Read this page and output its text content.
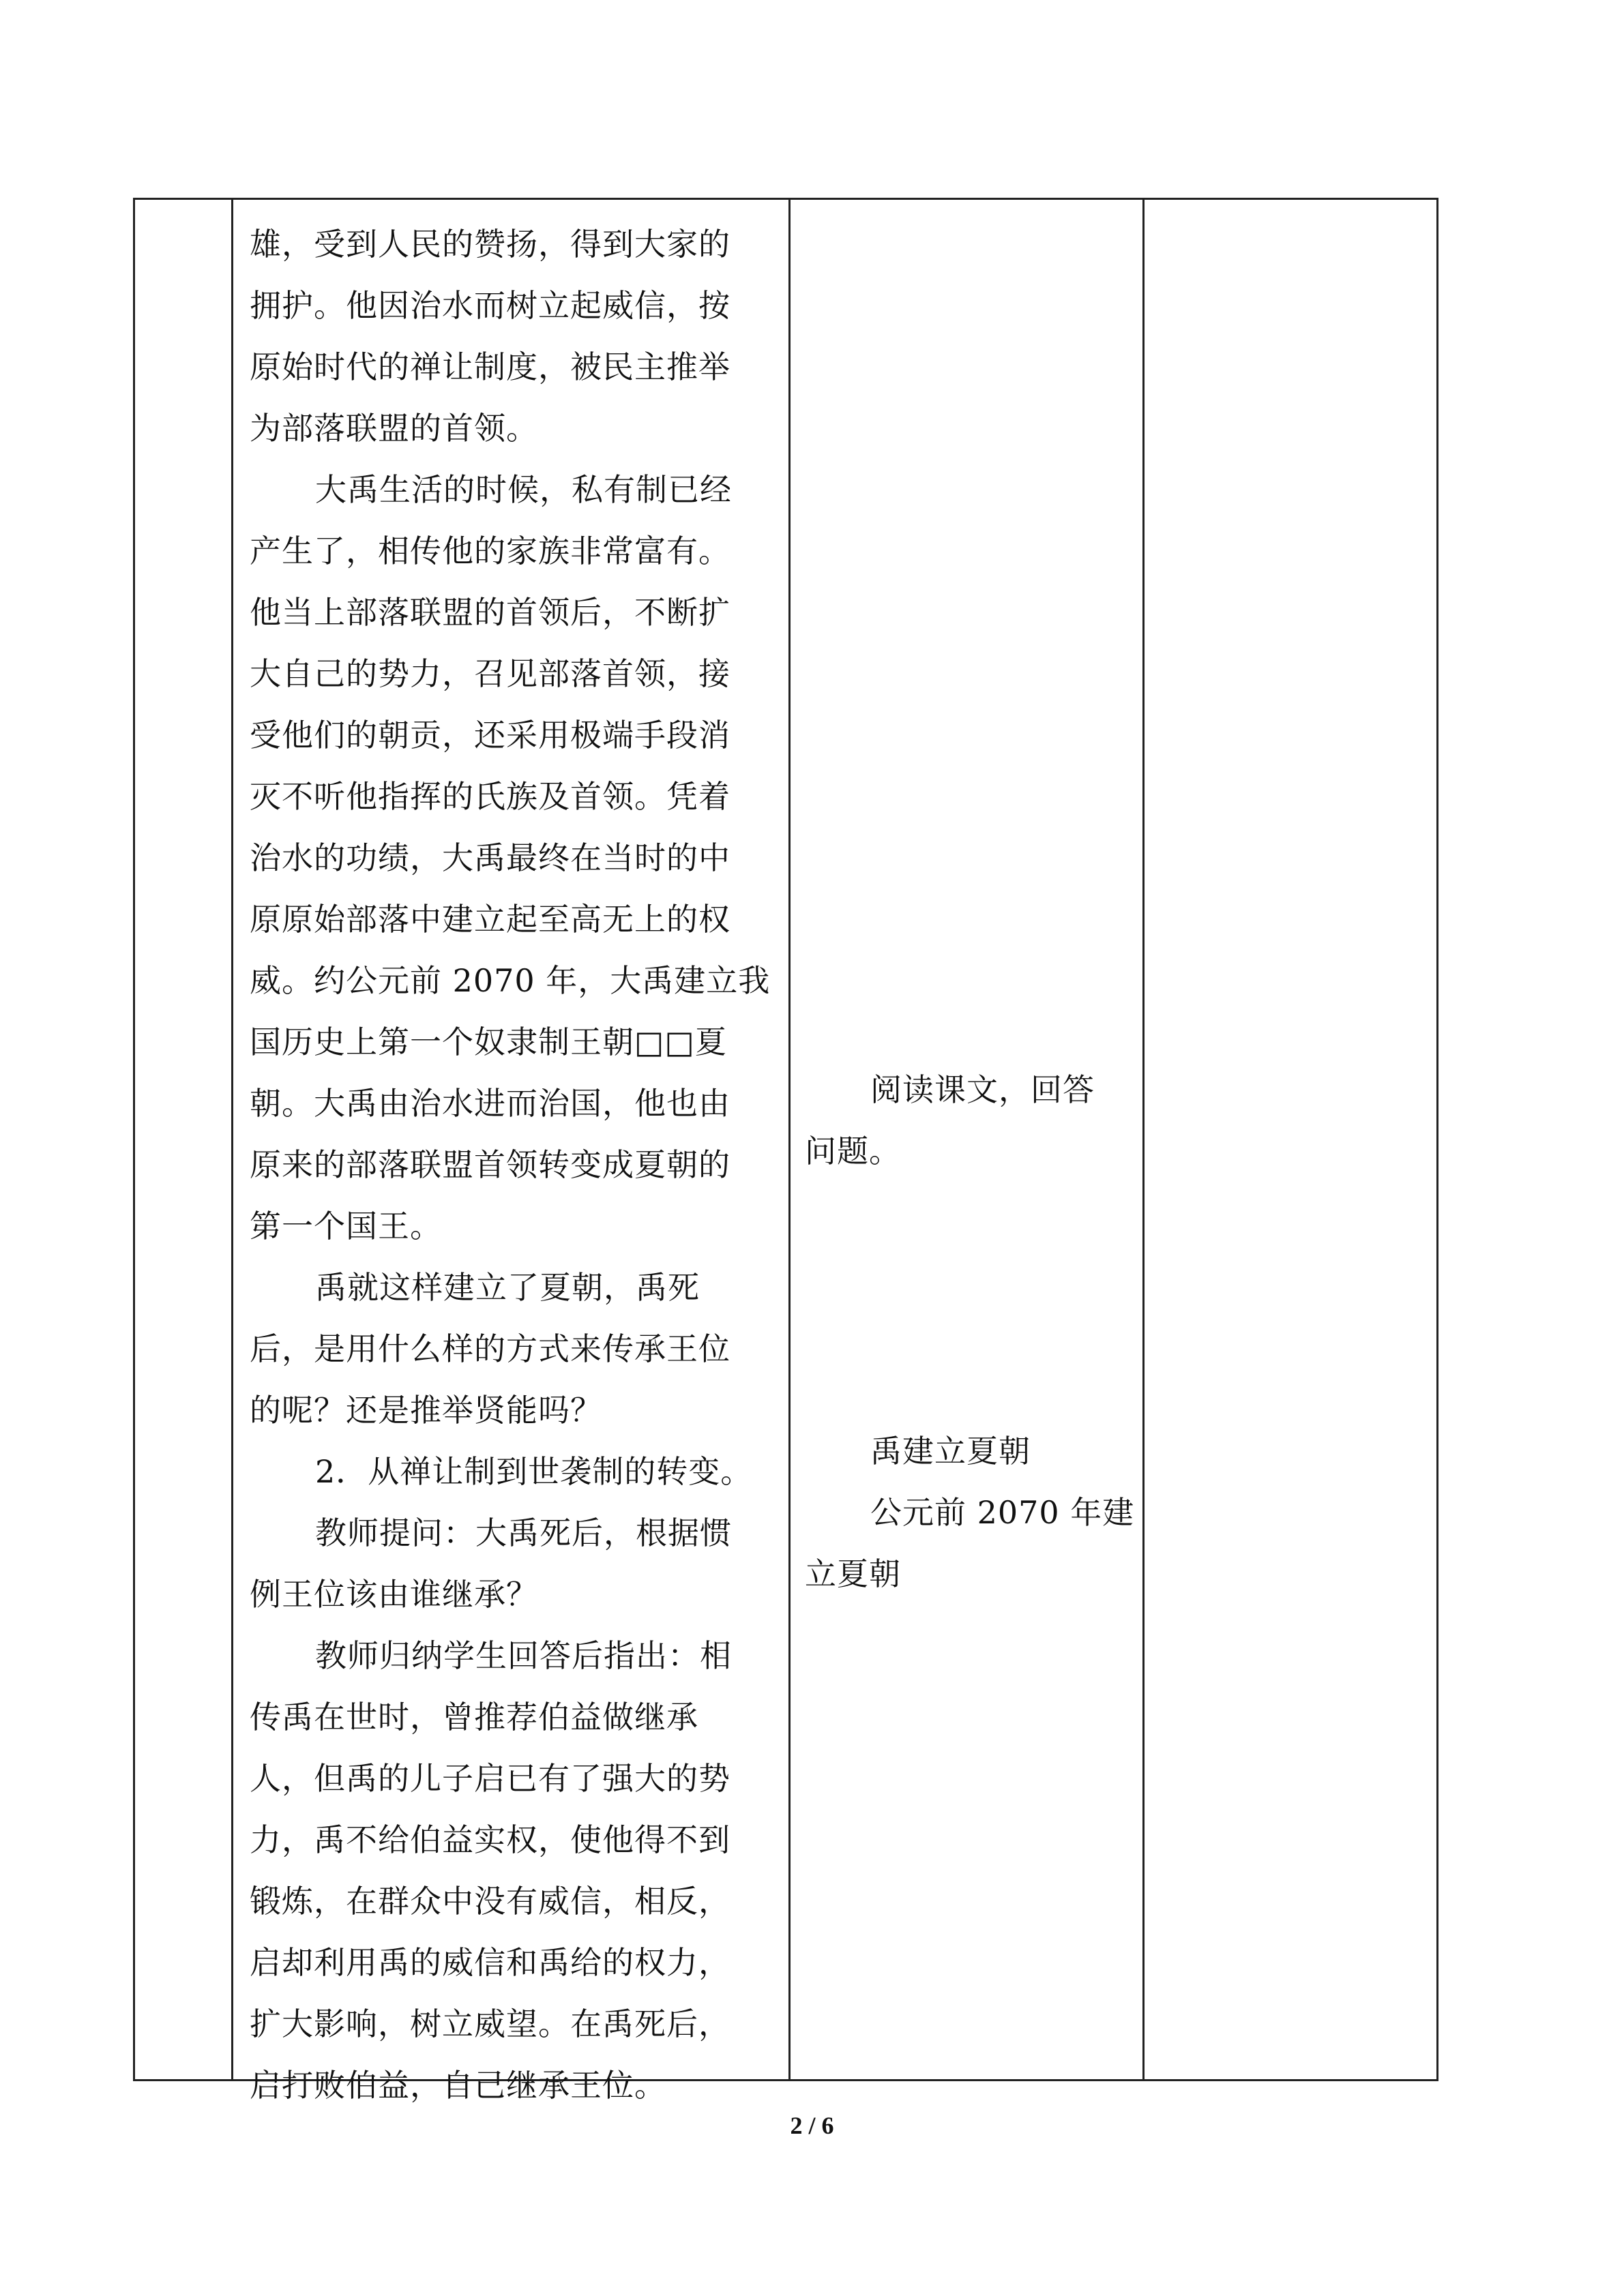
雄，受到人民的赞扬，得到大家的
拥护。他因治水而树立起威信，按
原始时代的禅让制度，被民主推举
为部落联盟的首领。
大禹生活的时候，私有制已经
产生了，相传他的家族非常富有。
他当上部落联盟的首领后，不断扩
大自己的势力，召见部落首领，接
受他们的朝贡，还采用极端手段消
灭不听他指挥的氏族及首领。凭着
治水的功绩，大禹最终在当时的中
原原始部落中建立起至高无上的权
威。约公元前 2070 年，大禹建立我
国历史上第一个奴隶制王朝□□夏
朝。大禹由治水进而治国，他也由
原来的部落联盟首领转变成夏朝的
第一个国王。
禹就这样建立了夏朝，禹死
后，是用什么样的方式来传承王位
的呢？还是推举贤能吗？
2．从禅让制到世袭制的转变。
教师提问：大禹死后，根据惯
例王位该由谁继承？
教师归纳学生回答后指出：相
传禹在世时，曾推荐伯益做继承
人，但禹的儿子启已有了强大的势
力，禹不给伯益实权，使他得不到
锻炼，在群众中没有威信，相反，
启却利用禹的威信和禹给的权力，
扩大影响，树立威望。在禹死后，
启打败伯益，自己继承王位。
阅读课文，回答
问题。
禹建立夏朝
公元前 2070 年建
立夏朝
2 / 6
